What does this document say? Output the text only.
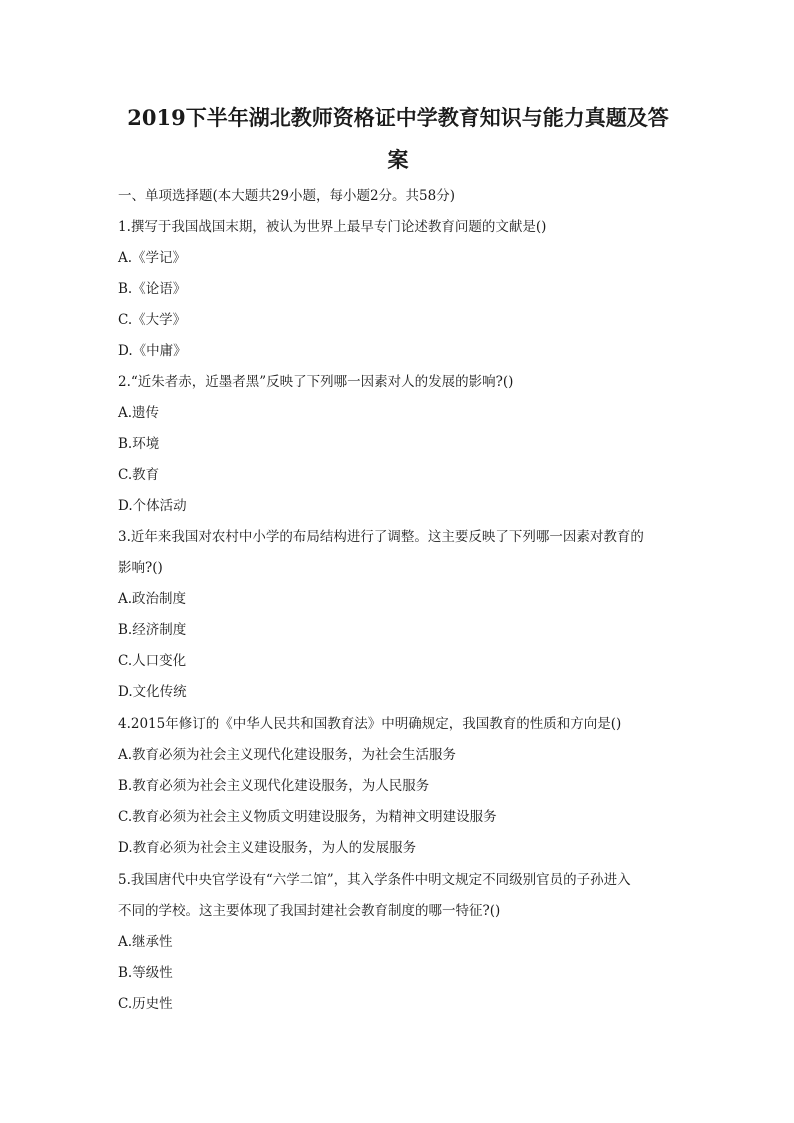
2019下半年湖北教师资格证中学教育知识与能力真题及答
案

一、单项选择题(本大题共29小题，每小题2分。共58分)

1.撰写于我国战国末期，被认为世界上最早专门论述教育问题的文献是()

A.《学记》

B.《论语》

C.《大学》

D.《中庸》

2.“近朱者赤，近墨者黑”反映了下列哪一因素对人的发展的影响?()

A.遗传

B.环境

C.教育

D.个体活动

3.近年来我国对农村中小学的布局结构进行了调整。这主要反映了下列哪一因素对教育的

影响?()

A.政治制度

B.经济制度

C.人口变化

D.文化传统

4.2015年修订的《中华人民共和国教育法》中明确规定，我国教育的性质和方向是()

A.教育必须为社会主义现代化建设服务，为社会生活服务

B.教育必须为社会主义现代化建设服务，为人民服务

C.教育必须为社会主义物质文明建设服务，为精神文明建设服务

D.教育必须为社会主义建设服务，为人的发展服务

5.我国唐代中央官学设有“六学二馆”，其入学条件中明文规定不同级别官员的子孙进入

不同的学校。这主要体现了我国封建社会教育制度的哪一特征?()

A.继承性

B.等级性

C.历史性
